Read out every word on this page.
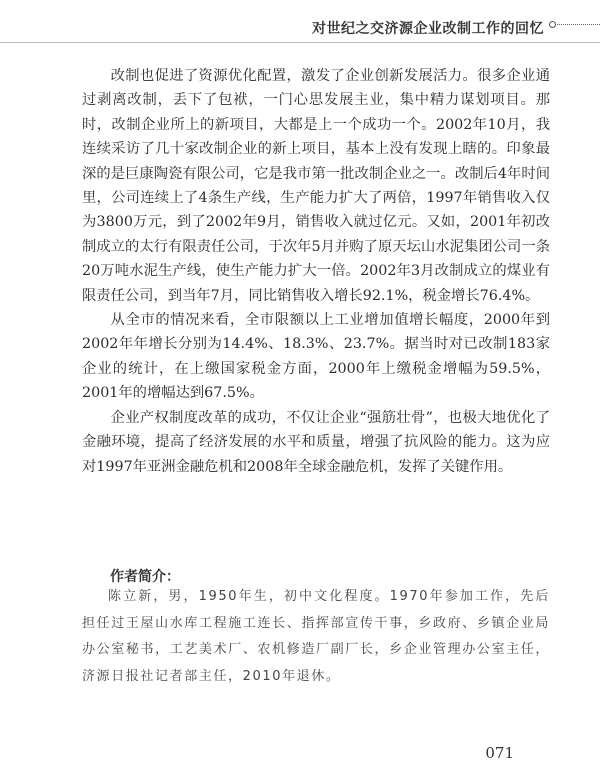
对世纪之交济源企业改制工作的回忆

改制也促进了资源优化配置，激发了企业创新发展活力。很多企业通过剥离改制，丢下了包袱，一门心思发展主业，集中精力谋划项目。那时，改制企业所上的新项目，大都是上一个成功一个。2002年10月，我连续采访了几十家改制企业的新上项目，基本上没有发现上瞎的。印象最深的是巨康陶瓷有限公司，它是我市第一批改制企业之一。改制后4年时间里，公司连续上了4条生产线，生产能力扩大了两倍，1997年销售收入仅为3800万元，到了2002年9月，销售收入就过亿元。又如，2001年初改制成立的太行有限责任公司，于次年5月并购了原天坛山水泥集团公司一条20万吨水泥生产线，使生产能力扩大一倍。2002年3月改制成立的煤业有限责任公司，到当年7月，同比销售收入增长92.1%，税金增长76.4%。

从全市的情况来看，全市限额以上工业增加值增长幅度，2000年到2002年年增长分别为14.4%、18.3%、23.7%。据当时对已改制183家企业的统计，在上缴国家税金方面，2000年上缴税金增幅为59.5%，2001年的增幅达到67.5%。

企业产权制度改革的成功，不仅让企业“强筋壮骨”，也极大地优化了金融环境，提高了经济发展的水平和质量，增强了抗风险的能力。这为应对1997年亚洲金融危机和2008年全球金融危机，发挥了关键作用。

作者简介：

陈立新，男，1950年生，初中文化程度。1970年参加工作，先后担任过王屋山水库工程施工连长、指挥部宣传干事，乡政府、乡镇企业局办公室秘书，工艺美术厂、农机修造厂副厂长，乡企业管理办公室主任，济源日报社记者部主任，2010年退休。

071
